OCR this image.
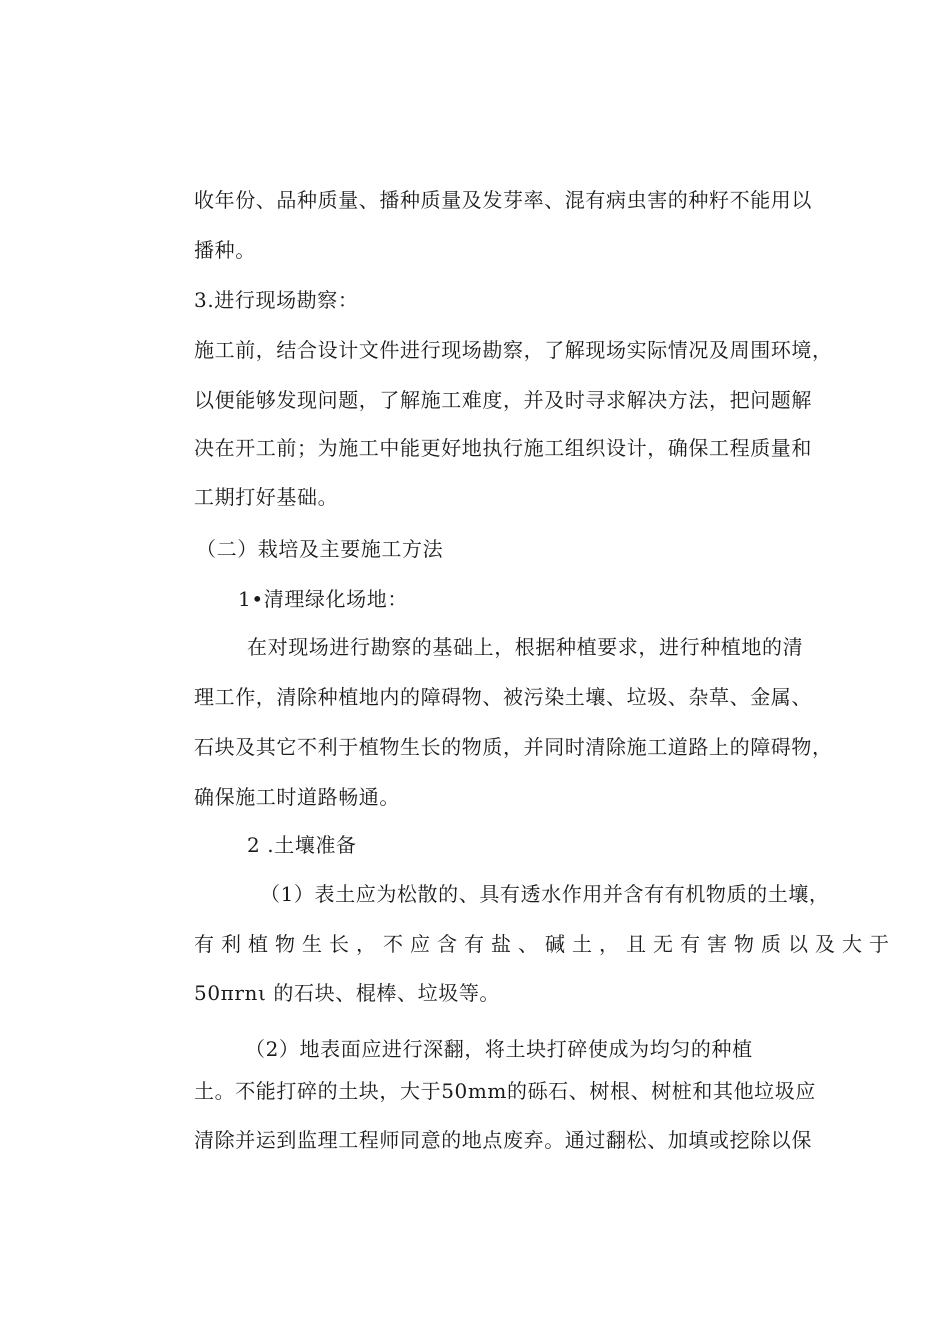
收年份、品种质量、播种质量及发芽率、混有病虫害的种籽不能用以
播种。
3.进行现场勘察：
施工前，结合设计文件进行现场勘察，了解现场实际情况及周围环境，
以便能够发现问题，了解施工难度，并及时寻求解决方法，把问题解
决在开工前；为施工中能更好地执行施工组织设计，确保工程质量和
工期打好基础。
（二）栽培及主要施工方法
1•清理绿化场地：
在对现场进行勘察的基础上，根据种植要求，进行种植地的清
理工作，清除种植地内的障碍物、被污染土壤、垃圾、杂草、金属、
石块及其它不利于植物生长的物质，并同时清除施工道路上的障碍物，
确保施工时道路畅通。
2 .土壤准备
（1）表土应为松散的、具有透水作用并含有有机物质的土壤，
有利植物生长，不应含有盐、碱土，且无有害物质以及大于
50πrnι 的石块、棍棒、垃圾等。
（2）地表面应进行深翻，将土块打碎使成为均匀的种植
土。不能打碎的土块，大于50mm的砾石、树根、树桩和其他垃圾应
清除并运到监理工程师同意的地点废弃。通过翻松、加填或挖除以保
